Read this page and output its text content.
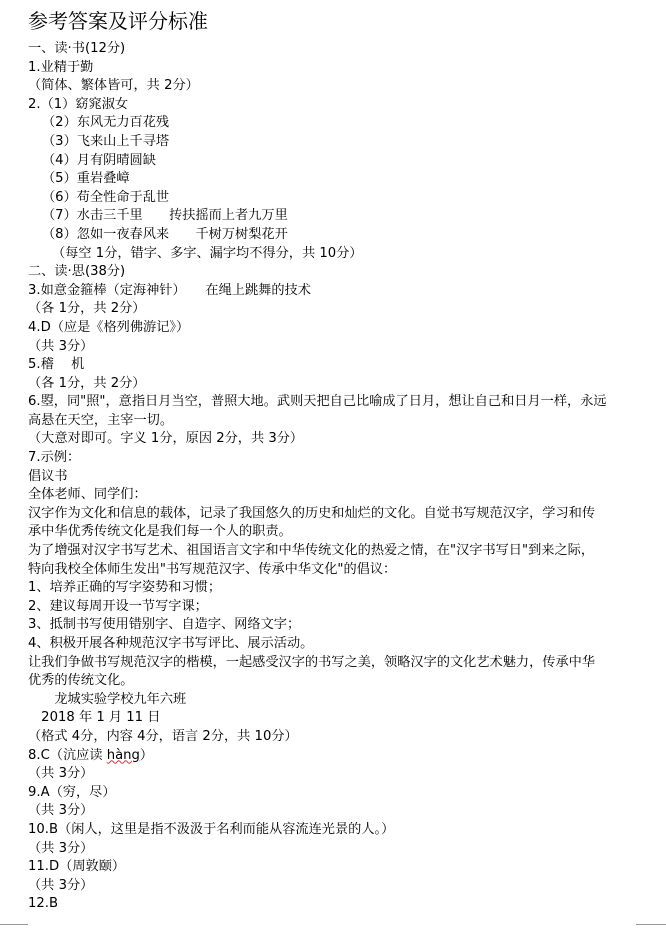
参考答案及评分标准
一、读·书(12分)
1.业精于勤
（简体、繁体皆可，共 2分）
2.（1）窈窕淑女
（2）东风无力百花残
（3）飞来山上千寻塔
（4）月有阴晴圆缺
（5）重岩叠嶂
（6）苟全性命于乱世
（7）水击三千里　　抟扶摇而上者九万里
（8）忽如一夜春风来　　千树万树梨花开
（每空 1分，错字、多字、漏字均不得分，共 10分）
二、读·思(38分)
3.如意金箍棒（定海神针）　　在绳上跳舞的技术
（各 1分，共 2分）
4.D（应是《格列佛游记》）
（共 3分）
5.稽　 机
（各 1分，共 2分）
6.曌，同"照"，意指日月当空，普照大地。武则天把自己比喻成了日月，想让自己和日月一样，永远
高悬在天空，主宰一切。
（大意对即可。字义 1分，原因 2分，共 3分）
7.示例：
倡议书
全体老师、同学们：
汉字作为文化和信息的载体，记录了我国悠久的历史和灿烂的文化。自觉书写规范汉字，学习和传
承中华优秀传统文化是我们每一个人的职责。
为了增强对汉字书写艺术、祖国语言文字和中华传统文化的热爱之情，在"汉字书写日"到来之际，
特向我校全体师生发出"书写规范汉字、传承中华文化"的倡议：
1、培养正确的写字姿势和习惯；
2、建议每周开设一节写字课；
3、抵制书写使用错别字、自造字、网络文字；
4、积极开展各种规范汉字书写评比、展示活动。
让我们争做书写规范汉字的楷模，一起感受汉字的书写之美，领略汉字的文化艺术魅力，传承中华
优秀的传统文化。
　　龙城实验学校九年六班
　2018 年 1 月 11 日
（格式 4分，内容 4分，语言 2分，共 10分）
8.C（沆应读 hàng）
（共 3分）
9.A（穷，尽）
（共 3分）
10.B（闲人，这里是指不汲汲于名利而能从容流连光景的人。）
（共 3分）
11.D（周敦颐）
（共 3分）
12.B
